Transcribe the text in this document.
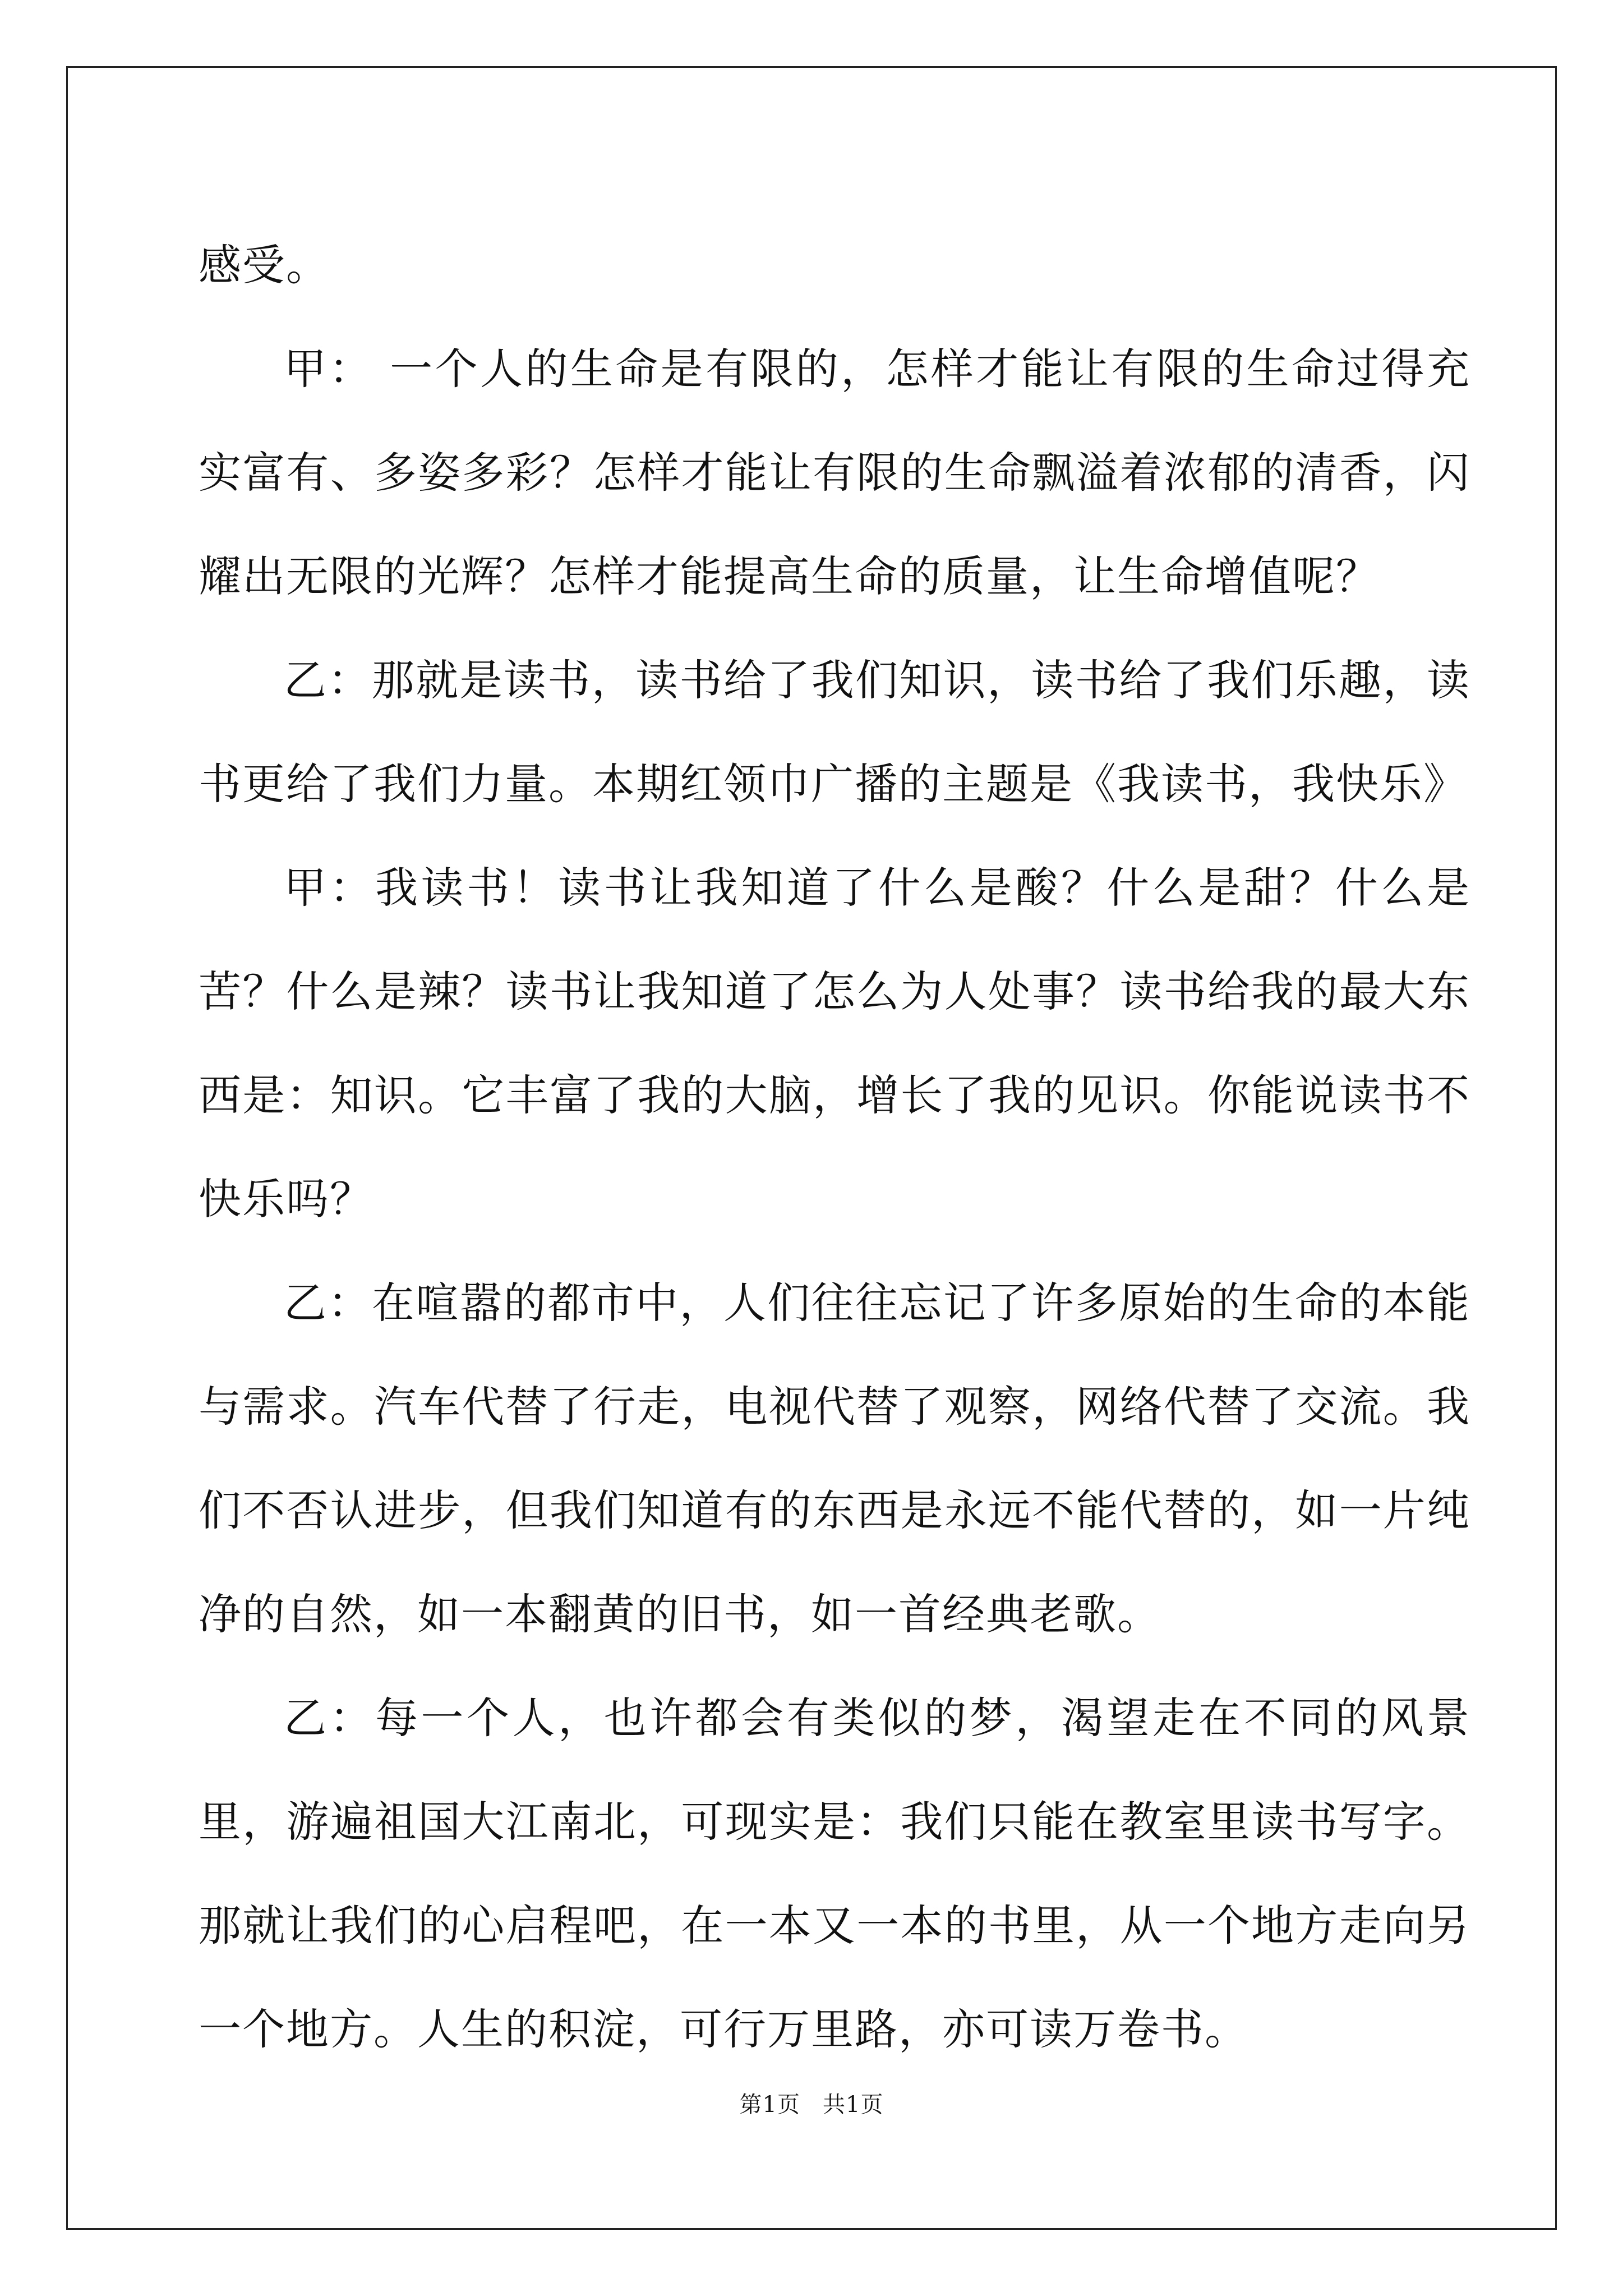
感受。

甲： 一个人的生命是有限的，怎样才能让有限的生命过得充实富有、多姿多彩？怎样才能让有限的生命飘溢着浓郁的清香，闪耀出无限的光辉？怎样才能提高生命的质量，让生命增值呢？

乙：那就是读书，读书给了我们知识，读书给了我们乐趣，读书更给了我们力量。本期红领巾广播的主题是《我读书，我快乐》

甲：我读书！读书让我知道了什么是酸？什么是甜？什么是苦？什么是辣？读书让我知道了怎么为人处事？读书给我的最大东西是：知识。它丰富了我的大脑，增长了我的见识。你能说读书不快乐吗？

乙：在喧嚣的都市中，人们往往忘记了许多原始的生命的本能与需求。汽车代替了行走，电视代替了观察，网络代替了交流。我们不否认进步，但我们知道有的东西是永远不能代替的，如一片纯净的自然，如一本翻黄的旧书，如一首经典老歌。

乙：每一个人，也许都会有类似的梦，渴望走在不同的风景里，游遍祖国大江南北，可现实是：我们只能在教室里读书写字。那就让我们的心启程吧，在一本又一本的书里，从一个地方走向另一个地方。人生的积淀，可行万里路，亦可读万卷书。

第1页 共1页
